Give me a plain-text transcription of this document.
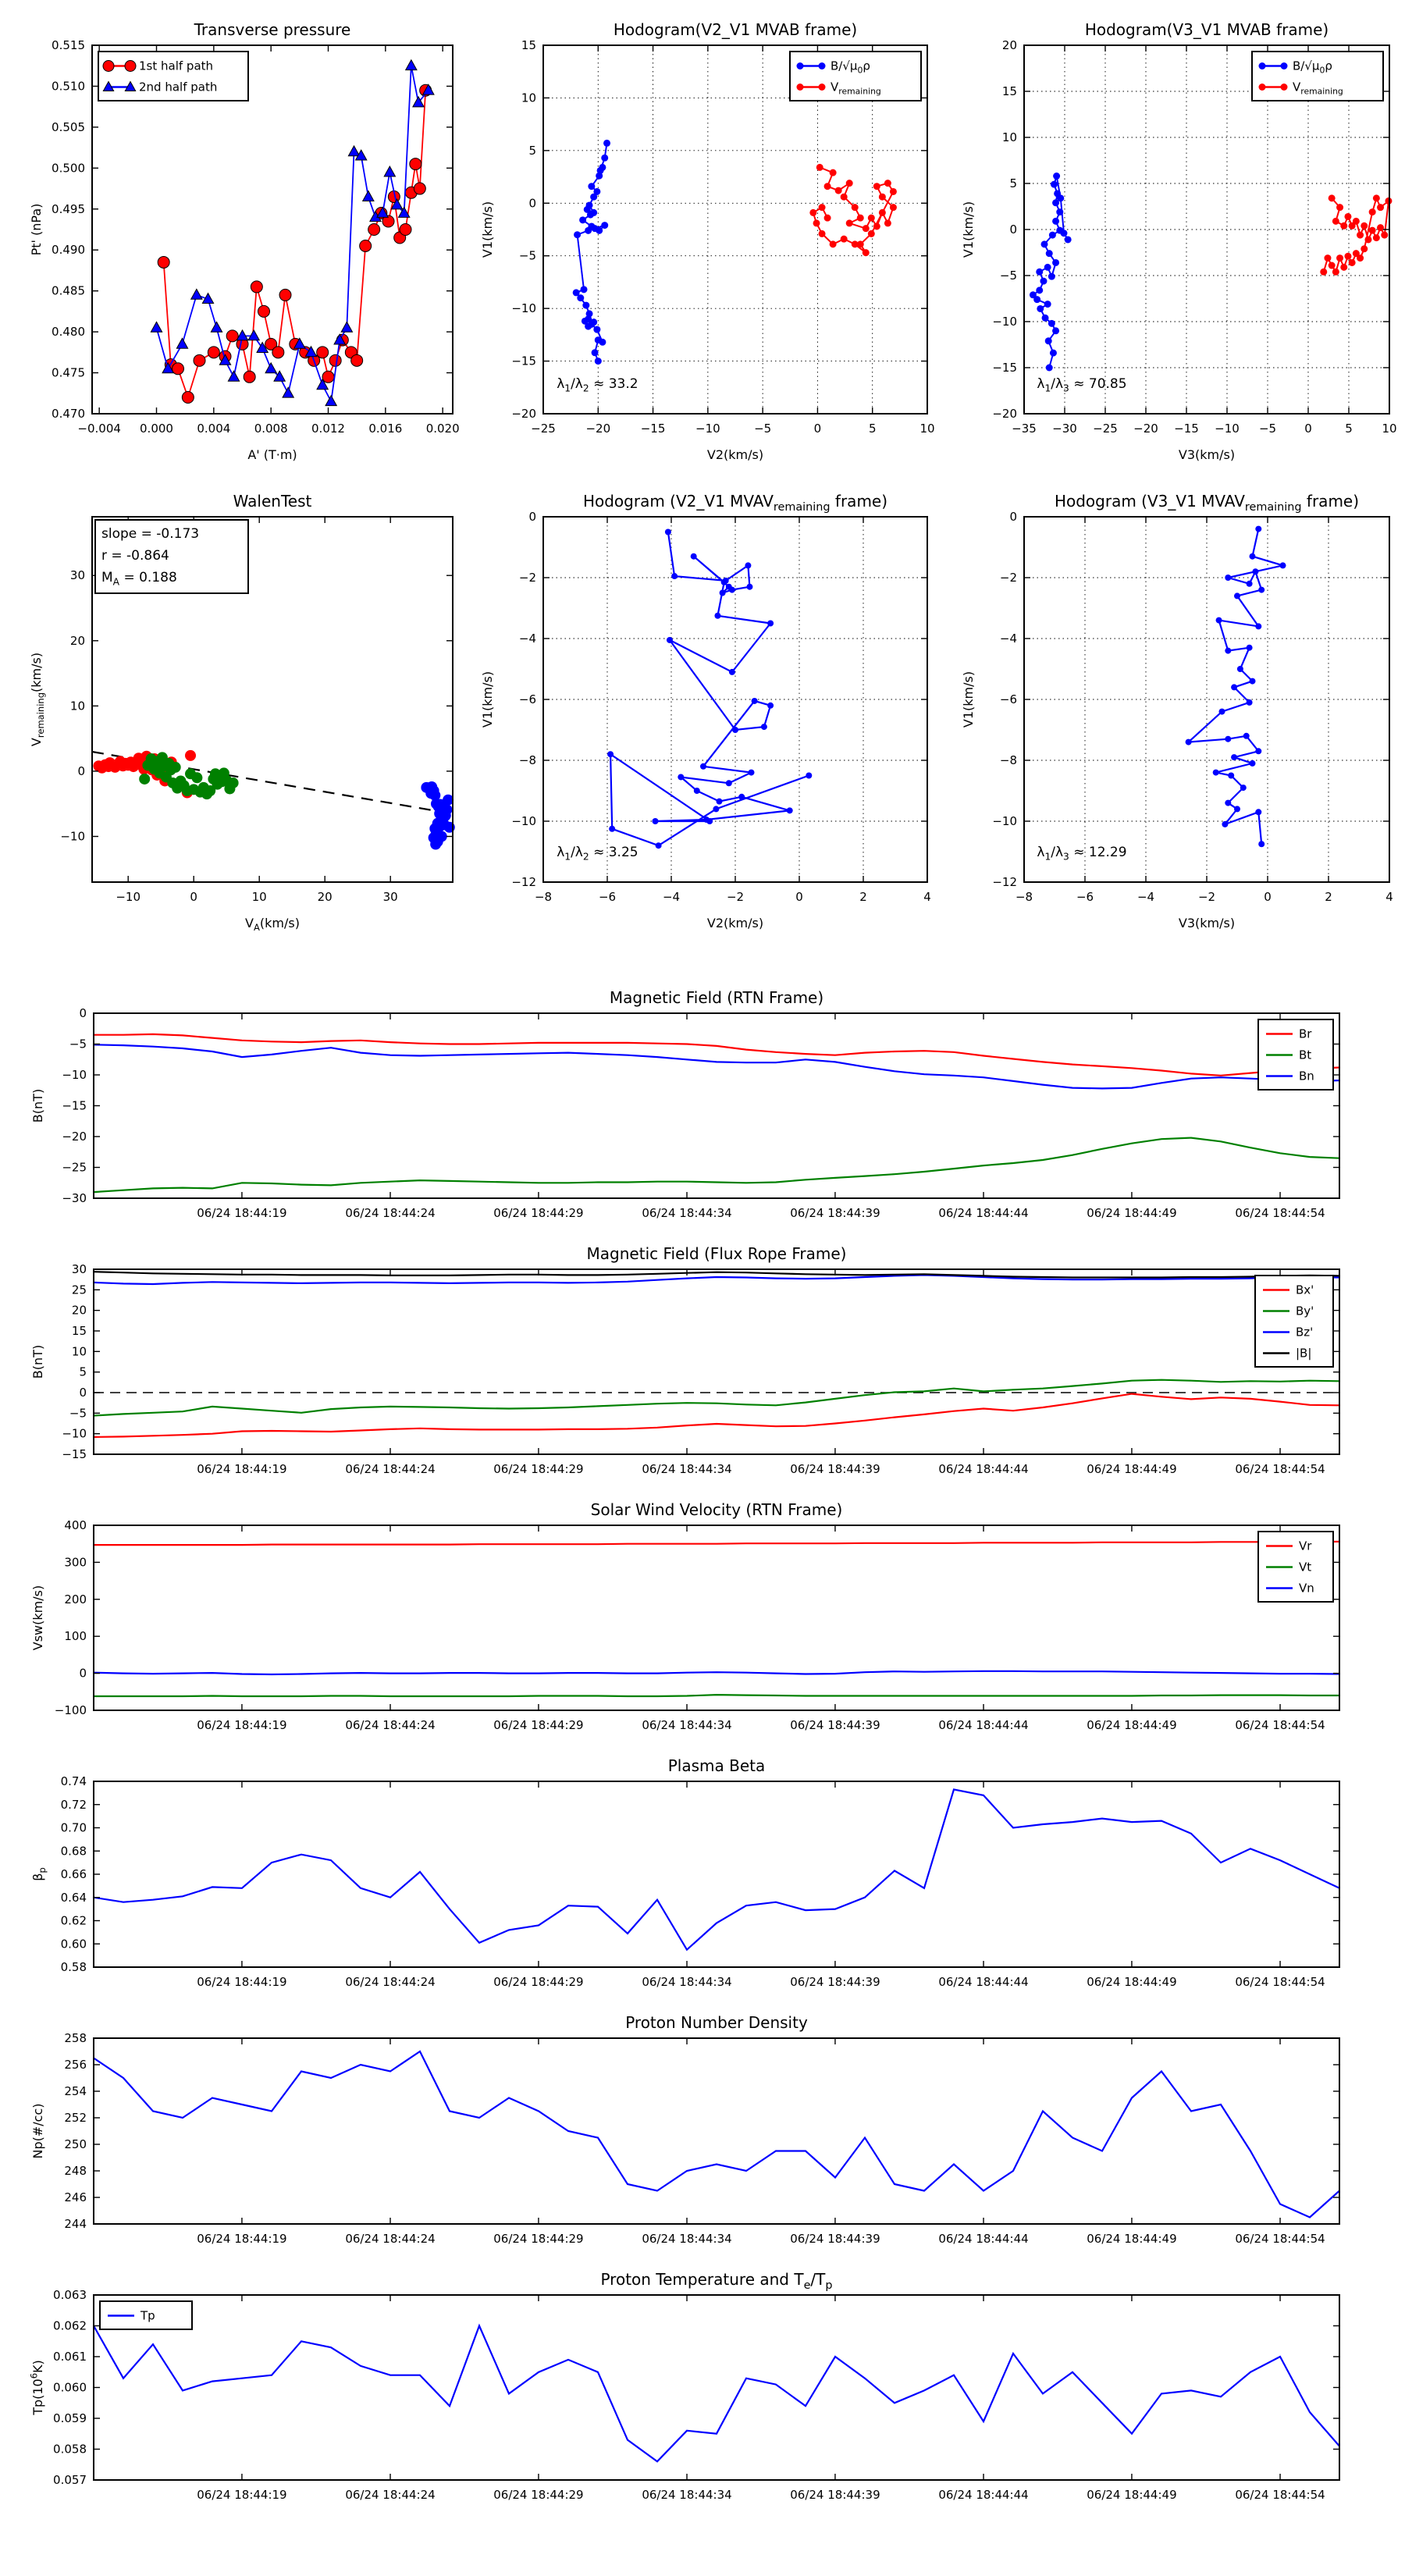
−0.004 0.000 0.004 0.008 0.012 0.016 0.020
0.470
0.475
0.480
0.485
0.490
0.495
0.500
0.505
0.510
0.515
Transverse pressure
A' (T·m)
Pt' (nPa)
1st half path
2nd half path
−25	−20	−15	−10	−5	0	5	10
−20
−15
−10
−5
0
5
10
15
Hodogram(V2_V1 MVAB frame)
V2(km/s)
V1(km/s)
$B/√\mu_0\rho$
$V_{remaining}$
$\lambda_1/\lambda_2 \approx 33.2$
−35 −30 −25 −20 −15 −10 −5 0	5	10
−20
−15
−10
−5
0
5
10
15
20
Hodogram(V3_V1 MVAB frame)
V3(km/s)
V1(km/s)
$B/√\mu_0\rho$
$V_{remaining}$
$\lambda_1/\lambda_3 \approx 70.85$
−10	0	10	20	30
−10
0
10
20
30
WalenTest
$V_A(km/s)$
$V_{remaining}(km/s)$
slope = -0.173
r = -0.864
$M_A = 0.188$
−8	−6	−4	−2	0	2	4
−12
−10
−8
−6
−4
−2
0
Hodogram (V2_V1 $MVAV_{remaining}$ frame)
V2(km/s)
V1(km/s)
$\lambda_1/\lambda_2 \approx 3.25$
−8	−6	−4	−2	0	2	4
−12
−10
−8
−6
−4
−2
0
Hodogram (V3_V1 $MVAV_{remaining}$ frame)
V3(km/s)
V1(km/s)
$\lambda_1/\lambda_3 \approx 12.29$
06/24 18:44:19	06/24 18:44:24	06/24 18:44:29	06/24 18:44:34	06/24 18:44:39	06/24 18:44:44	06/24 18:44:49	06/24 18:44:54
0
−5
−10
−15
−20
−25
−30
Magnetic Field (RTN Frame)
B(nT)
Br
Bt
Bn
06/24 18:44:19	06/24 18:44:24	06/24 18:44:29	06/24 18:44:34	06/24 18:44:39	06/24 18:44:44	06/24 18:44:49	06/24 18:44:54
30
25
20
15
10
5
0
−5
−10
−15
Magnetic Field (Flux Rope Frame)
B(nT)
Bx'
By'
Bz'
|B|
06/24 18:44:19	06/24 18:44:24	06/24 18:44:29	06/24 18:44:34	06/24 18:44:39	06/24 18:44:44	06/24 18:44:49	06/24 18:44:54
400
300
200
100
0
−100
Solar Wind Velocity (RTN Frame)
Vsw(km/s)
Vr
Vt
Vn
06/24 18:44:19	06/24 18:44:24	06/24 18:44:29	06/24 18:44:34	06/24 18:44:39	06/24 18:44:44	06/24 18:44:49	06/24 18:44:54
0.74
0.72
0.70
0.68
0.66
0.64
0.62
0.60
0.58
Plasma Beta
$\beta_p$
06/24 18:44:19	06/24 18:44:24	06/24 18:44:29	06/24 18:44:34	06/24 18:44:39	06/24 18:44:44	06/24 18:44:49	06/24 18:44:54
258
256
254
252
250
248
246
244
Proton Number Density
Np(#/cc)
06/24 18:44:19	06/24 18:44:24	06/24 18:44:29	06/24 18:44:34	06/24 18:44:39	06/24 18:44:44	06/24 18:44:49	06/24 18:44:54
0.063
0.062
0.061
0.060
0.059
0.058
0.057
Proton Temperature and $T_e/T_p$
$Tp(10^6K)$
Tp
